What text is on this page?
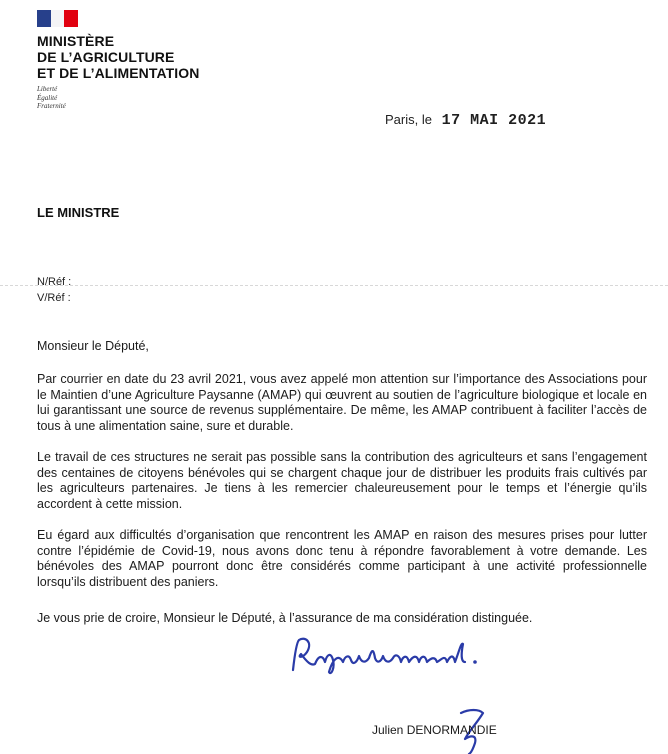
MINISTÈRE
DE L’AGRICULTURE
ET DE L’ALIMENTATION
Liberté
Égalité
Fraternité
Paris, le 17 MAI 2021
LE MINISTRE
N/Réf :
V/Réf :
Monsieur le Député,
Par courrier en date du 23 avril 2021, vous avez appelé mon attention sur l’importance des Associations pour le Maintien d’une Agriculture Paysanne (AMAP) qui œuvrent au soutien de l’agriculture biologique et locale en lui garantissant une source de revenus supplémentaire. De même, les AMAP contribuent à faciliter l’accès de tous à une alimentation saine, sure et durable.
Le travail de ces structures ne serait pas possible sans la contribution des agriculteurs et sans l’engagement des centaines de citoyens bénévoles qui se chargent chaque jour de distribuer les produits frais cultivés par les agriculteurs partenaires. Je tiens à les remercier chaleureusement pour le temps et l’énergie qu’ils accordent à cette mission.
Eu égard aux difficultés d’organisation que rencontrent les AMAP en raison des mesures prises pour lutter contre l’épidémie de Covid-19, nous avons donc tenu à répondre favorablement à votre demande. Les bénévoles des AMAP pourront donc être considérés comme participant à une activité professionnelle lorsqu’ils distribuent des paniers.
Je vous prie de croire, Monsieur le Député, à l’assurance de ma considération distinguée.
Julien DENORMANDIE
